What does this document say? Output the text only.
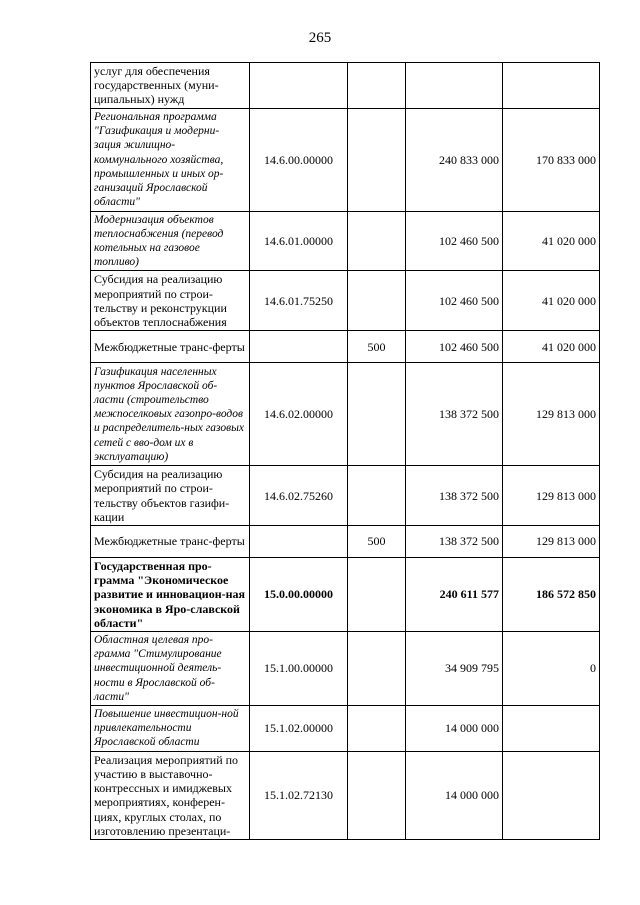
265
услуг для обеспечения государственных (муни-ципальных) нужд				
Региональная программа "Газификация и модерни-зация жилищно-коммунального хозяйства, промышленных и иных ор-ганизаций Ярославской области"	14.6.00.00000		240 833 000	170 833 000
Модернизация объектов теплоснабжения (перевод котельных на газовое топливо)	14.6.01.00000		102 460 500	41 020 000
Субсидия на реализацию мероприятий по строи-тельству и реконструкции объектов теплоснабжения	14.6.01.75250		102 460 500	41 020 000
Межбюджетные транс-ферты		500	102 460 500	41 020 000
Газификация населенных пунктов Ярославской об-ласти (строительство межпоселковых газопро-водов и распределитель-ных газовых сетей с вво-дом их в эксплуатацию)	14.6.02.00000		138 372 500	129 813 000
Субсидия на реализацию мероприятий по строи-тельству объектов газифи-кации	14.6.02.75260		138 372 500	129 813 000
Межбюджетные транс-ферты		500	138 372 500	129 813 000
Государственная про-грамма "Экономическое развитие и инновацион-ная экономика в Яро-славской области"	15.0.00.00000		240 611 577	186 572 850
Областная целевая про-грамма "Стимулирование инвестиционной деятель-ности в Ярославской об-ласти"	15.1.00.00000		34 909 795	0
Повышение инвестицион-ной привлекательности Ярославской области	15.1.02.00000		14 000 000	
Реализация мероприятий по участию в выставочно-контрессных и имиджевых мероприятиях, конферен-циях, круглых столах, по изготовлению презентаци-	15.1.02.72130		14 000 000	
